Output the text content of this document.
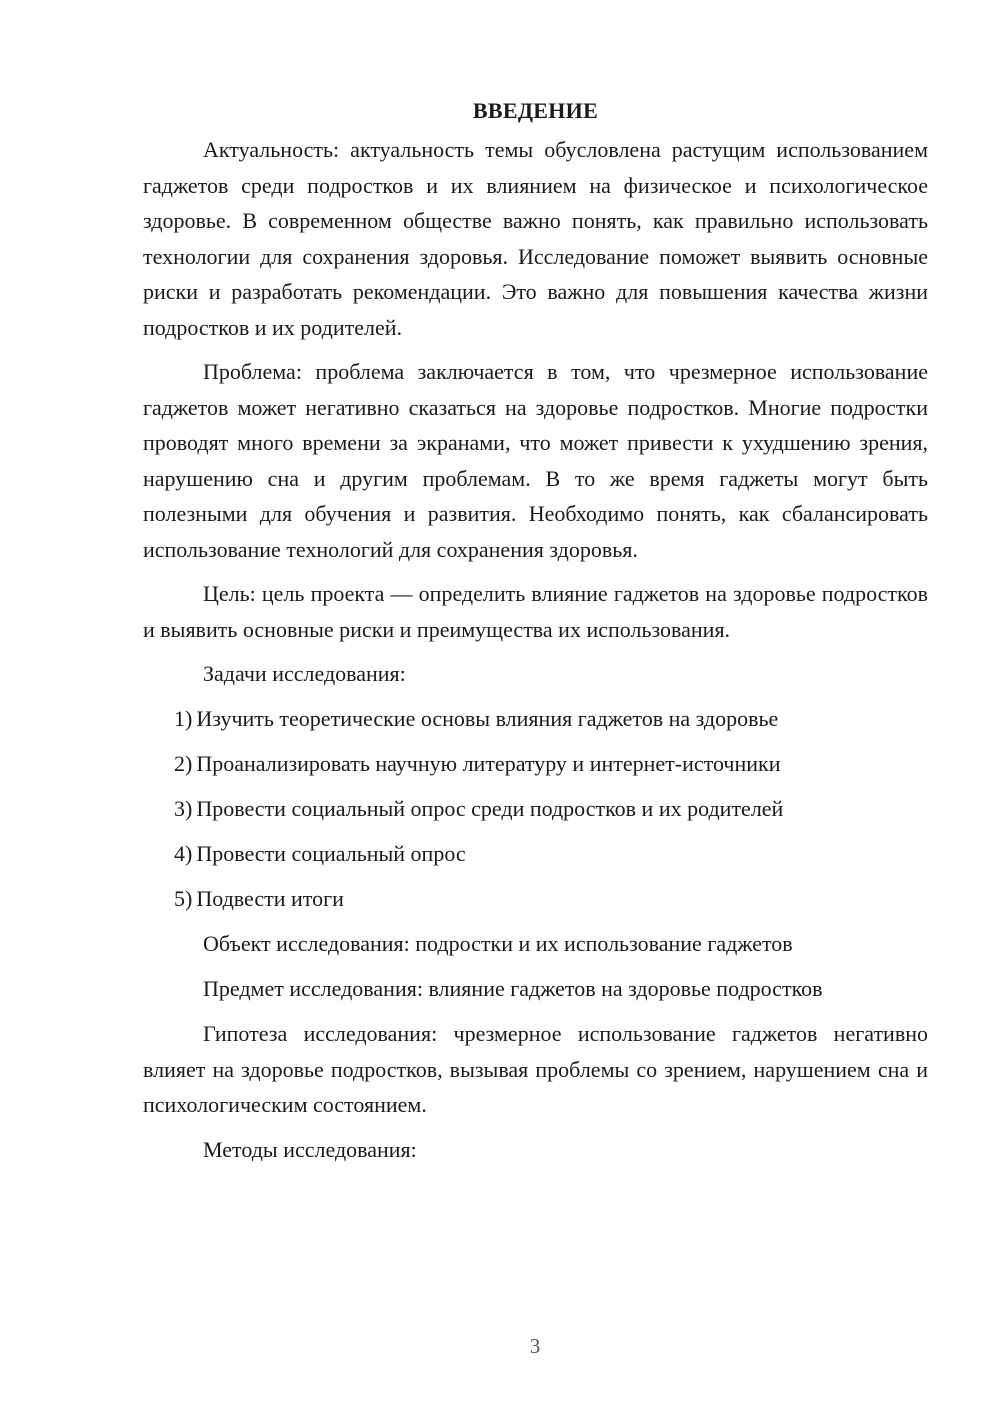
ВВЕДЕНИЕ

Актуальность: актуальность темы обусловлена растущим использованием гаджетов среди подростков и их влиянием на физическое и психологическое здоровье. В современном обществе важно понять, как правильно использовать технологии для сохранения здоровья. Исследование поможет выявить основные риски и разработать рекомендации. Это важно для повышения качества жизни подростков и их родителей.

Проблема: проблема заключается в том, что чрезмерное использование гаджетов может негативно сказаться на здоровье подростков. Многие подростки проводят много времени за экранами, что может привести к ухудшению зрения, нарушению сна и другим проблемам. В то же время гаджеты могут быть полезными для обучения и развития. Необходимо понять, как сбалансировать использование технологий для сохранения здоровья.

Цель: цель проекта — определить влияние гаджетов на здоровье подростков и выявить основные риски и преимущества их использования.

Задачи исследования:

1) Изучить теоретические основы влияния гаджетов на здоровье

2) Проанализировать научную литературу и интернет-источники

3) Провести социальный опрос среди подростков и их родителей

4) Провести социальный опрос

5) Подвести итоги

Объект исследования: подростки и их использование гаджетов

Предмет исследования: влияние гаджетов на здоровье подростков

Гипотеза исследования: чрезмерное использование гаджетов негативно влияет на здоровье подростков, вызывая проблемы со зрением, нарушением сна и психологическим состоянием.

Методы исследования:

3
